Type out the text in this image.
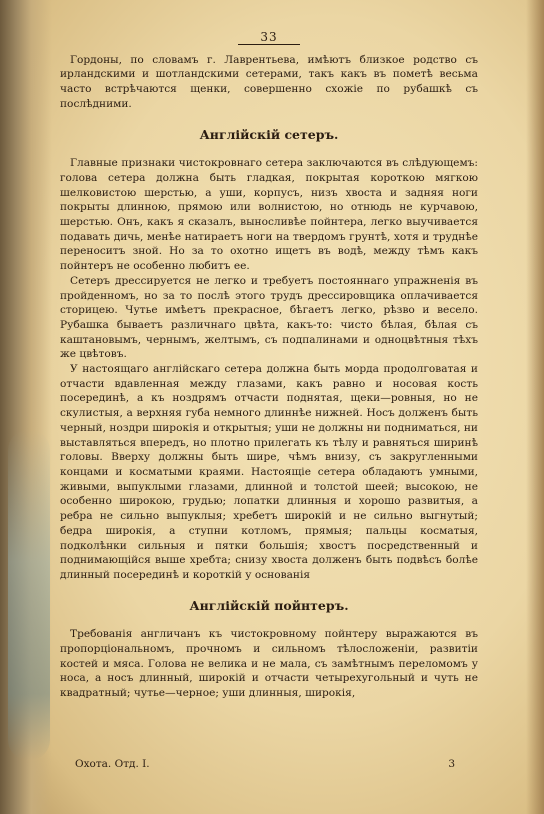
33

Гордоны, по словамъ г. Лаврентьева, имѣютъ близкое родство съ ирландскими и шотландскими сетерами, такъ какъ въ пометѣ весьма часто встрѣчаются щенки, совершенно схожіе по рубашкѣ съ послѣдними.

Англійскій сетеръ.

Главные признаки чистокровнаго сетера заключаются въ слѣдующемъ: голова сетера должна быть гладкая, покрытая короткою мягкою шелковистою шерстью, а уши, корпусъ, низъ хвоста и задняя ноги покрыты длинною, прямою или волнистою, но отнюдь не курчавою, шерстью. Онъ, какъ я сказалъ, выносливѣе пойнтера, легко выучивается подавать дичь, менѣе натираетъ ноги на твердомъ грунтѣ, хотя и труднѣе переноситъ зной. Но за то охотно ищетъ въ водѣ, между тѣмъ какъ пойнтеръ не особенно любитъ ее.

Сетеръ дрессируется не легко и требуетъ постояннаго упражненія въ пройденномъ, но за то послѣ этого трудъ дрессировщика оплачивается сторицею. Чутье имѣетъ прекрасное, бѣгаетъ легко, рѣзво и весело. Рубашка бываетъ различнаго цвѣта, какъ-то: чисто бѣлая, бѣлая съ каштановымъ, чернымъ, желтымъ, съ подпалинами и одноцвѣтныя тѣхъ же цвѣтовъ.

У настоящаго англійскаго сетера должна быть морда продолговатая и отчасти вдавленная между глазами, какъ равно и носовая кость посерединѣ, а къ ноздрямъ отчасти поднятая, щеки—ровныя, но не скулистыя, а верхняя губа немного длиннѣе нижней. Носъ долженъ быть черный, ноздри широкія и открытыя; уши не должны ни подниматься, ни выставляться впередъ, но плотно прилегать къ тѣлу и равняться ширинѣ головы. Вверху должны быть шире, чѣмъ внизу, съ закругленными концами и косматыми краями. Настоящіе сетера обладаютъ умными, живыми, выпуклыми глазами, длинной и толстой шеей; высокою, не особенно широкою, грудью; лопатки длинныя и хорошо развитыя, а ребра не сильно выпуклыя; хребетъ широкій и не сильно выгнутый; бедра широкія, а ступни котломъ, прямыя; пальцы косматыя, подколѣнки сильныя и пятки большія; хвостъ посредственный и поднимающійся выше хребта; снизу хвоста долженъ быть подвѣсъ болѣе длинный посерединѣ и короткій у основанія

Англійскій пойнтеръ.

Требованія англичанъ къ чистокровному пойнтеру выражаются въ пропорціональномъ, прочномъ и сильномъ тѣлосложеніи, развитіи костей и мяса. Голова не велика и не мала, съ замѣтнымъ переломомъ у носа, а носъ длинный, широкій и отчасти четырехугольный и чуть не квадратный; чутье—черное; уши длинныя, широкія,

Охота. Отд. I.	3
